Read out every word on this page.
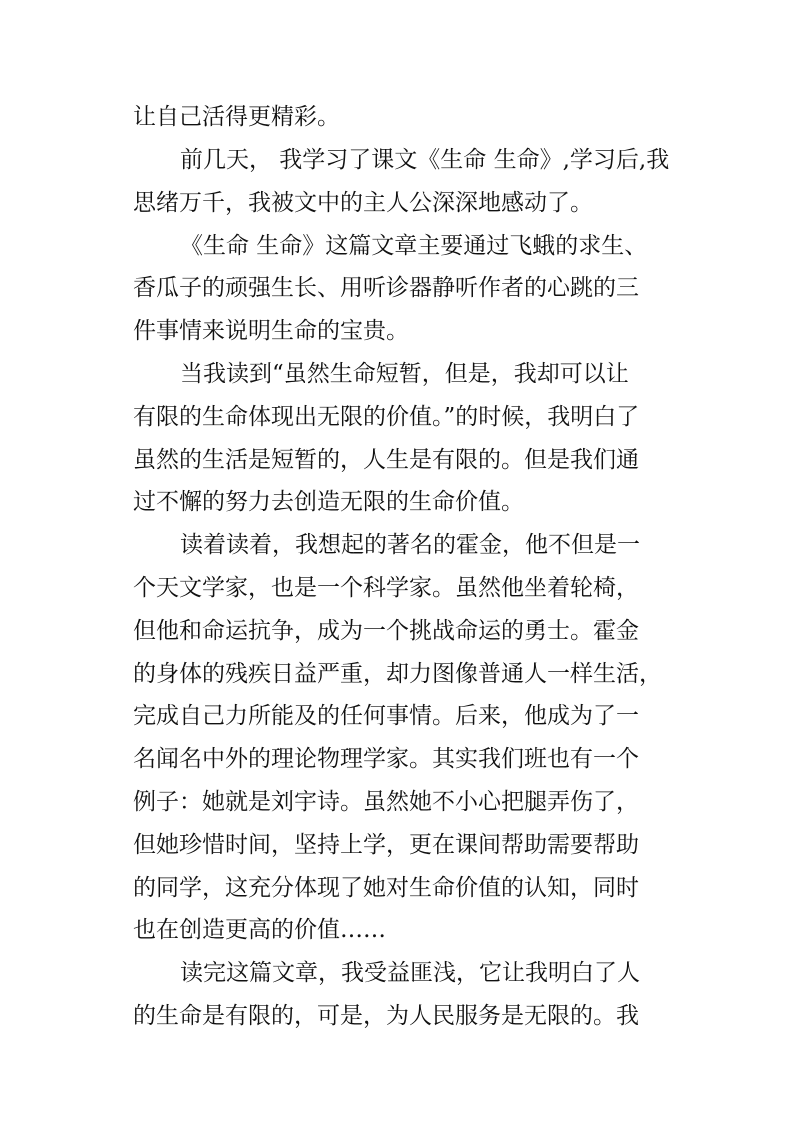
让自己活得更精彩。
前几天， 我学习了课文《生命 生命》,学习后,我
思绪万千，我被文中的主人公深深地感动了。
《生命 生命》这篇文章主要通过飞蛾的求生、
香瓜子的顽强生长、用听诊器静听作者的心跳的三
件事情来说明生命的宝贵。
当我读到“虽然生命短暂，但是，我却可以让
有限的生命体现出无限的价值。”的时候，我明白了
虽然的生活是短暂的，人生是有限的。但是我们通
过不懈的努力去创造无限的生命价值。
读着读着，我想起的著名的霍金，他不但是一
个天文学家，也是一个科学家。虽然他坐着轮椅，
但他和命运抗争，成为一个挑战命运的勇士。霍金
的身体的残疾日益严重，却力图像普通人一样生活，
完成自己力所能及的任何事情。后来，他成为了一
名闻名中外的理论物理学家。其实我们班也有一个
例子：她就是刘宇诗。虽然她不小心把腿弄伤了，
但她珍惜时间，坚持上学，更在课间帮助需要帮助
的同学，这充分体现了她对生命价值的认知，同时
也在创造更高的价值……
读完这篇文章，我受益匪浅，它让我明白了人
的生命是有限的，可是，为人民服务是无限的。我
